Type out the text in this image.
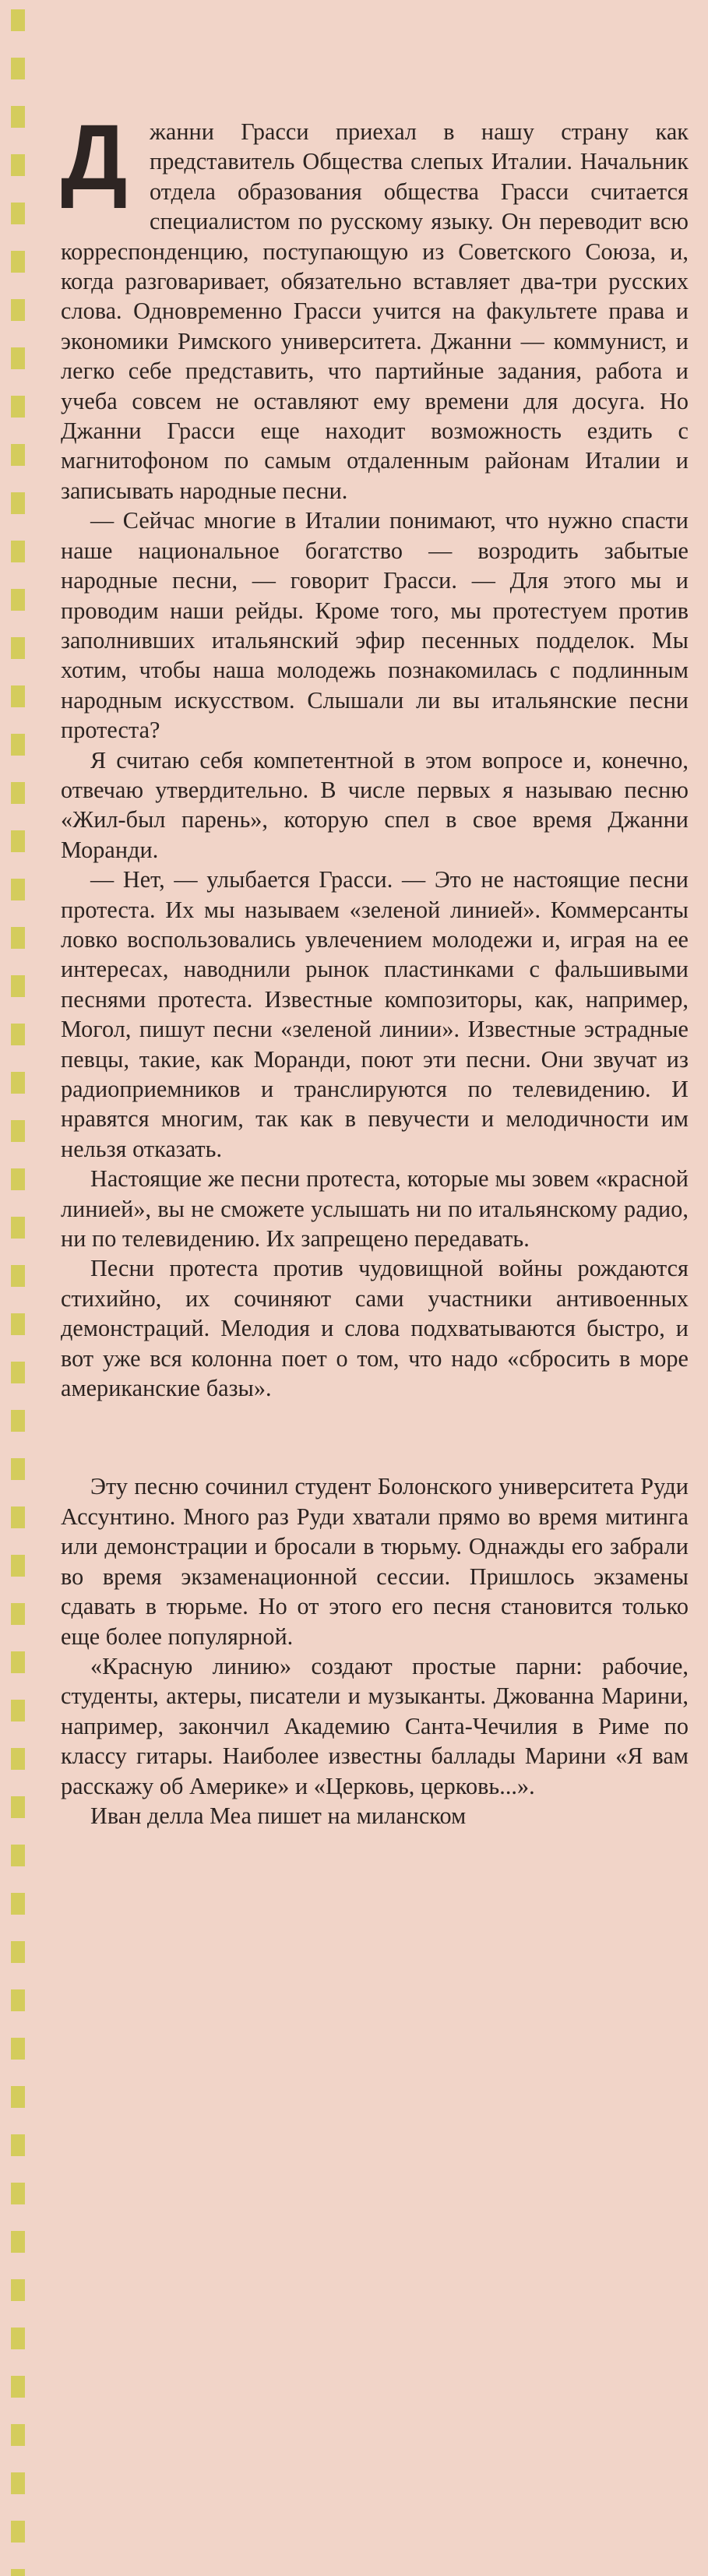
Джанни Грасси приехал в нашу страну как представитель Общества слепых Италии. Начальник отдела образования общества Грасси считается специалистом по русскому языку. Он переводит всю корреспонденцию, поступающую из Советского Союза, и, когда разговаривает, обязательно вставляет два-три русских слова. Одновременно Грасси учится на факультете права и экономики Римского университета. Джанни — коммунист, и легко себе представить, что партийные задания, работа и учеба совсем не оставляют ему времени для досуга. Но Джанни Грасси еще находит возможность ездить с магнитофоном по самым отдаленным районам Италии и записывать народные песни.

— Сейчас многие в Италии понимают, что нужно спасти наше национальное богатство — возродить забытые народные песни, — говорит Грасси. — Для этого мы и проводим наши рейды. Кроме того, мы протестуем против заполнивших итальянский эфир песенных подделок. Мы хотим, чтобы наша молодежь познакомилась с подлинным народным искусством. Слышали ли вы итальянские песни протеста?

Я считаю себя компетентной в этом вопросе и, конечно, отвечаю утвердительно. В числе первых я называю песню «Жил-был парень», которую спел в свое время Джанни Моранди.

— Нет, — улыбается Грасси. — Это не настоящие песни протеста. Их мы называем «зеленой линией». Коммерсанты ловко воспользовались увлечением молодежи и, играя на ее интересах, наводнили рынок пластинками с фальшивыми песнями протеста. Известные композиторы, как, например, Могол, пишут песни «зеленой линии». Известные эстрадные певцы, такие, как Моранди, поют эти песни. Они звучат из радиоприемников и транслируются по телевидению. И нравятся многим, так как в певучести и мелодичности им нельзя отказать.

Настоящие же песни протеста, которые мы зовем «красной линией», вы не сможете услышать ни по итальянскому радио, ни по телевидению. Их запрещено передавать.

Песни протеста против чудовищной войны рождаются стихийно, их сочиняют сами участники антивоенных демонстраций. Мелодия и слова подхватываются быстро, и вот уже вся колонна поет о том, что надо «сбросить в море американские базы».

Эту песню сочинил студент Болонского университета Руди Ассунтино. Много раз Руди хватали прямо во время митинга или демонстрации и бросали в тюрьму. Однажды его забрали во время экзаменационной сессии. Пришлось экзамены сдавать в тюрьме. Но от этого его песня становится только еще более популярной.

«Красную линию» создают простые парни: рабочие, студенты, актеры, писатели и музыканты. Джованна Марини, например, закончил Академию Санта-Чечилия в Риме по классу гитары. Наиболее известны баллады Марини «Я вам расскажу об Америке» и «Церковь, церковь...».

Иван делла Меа пишет на миланском
